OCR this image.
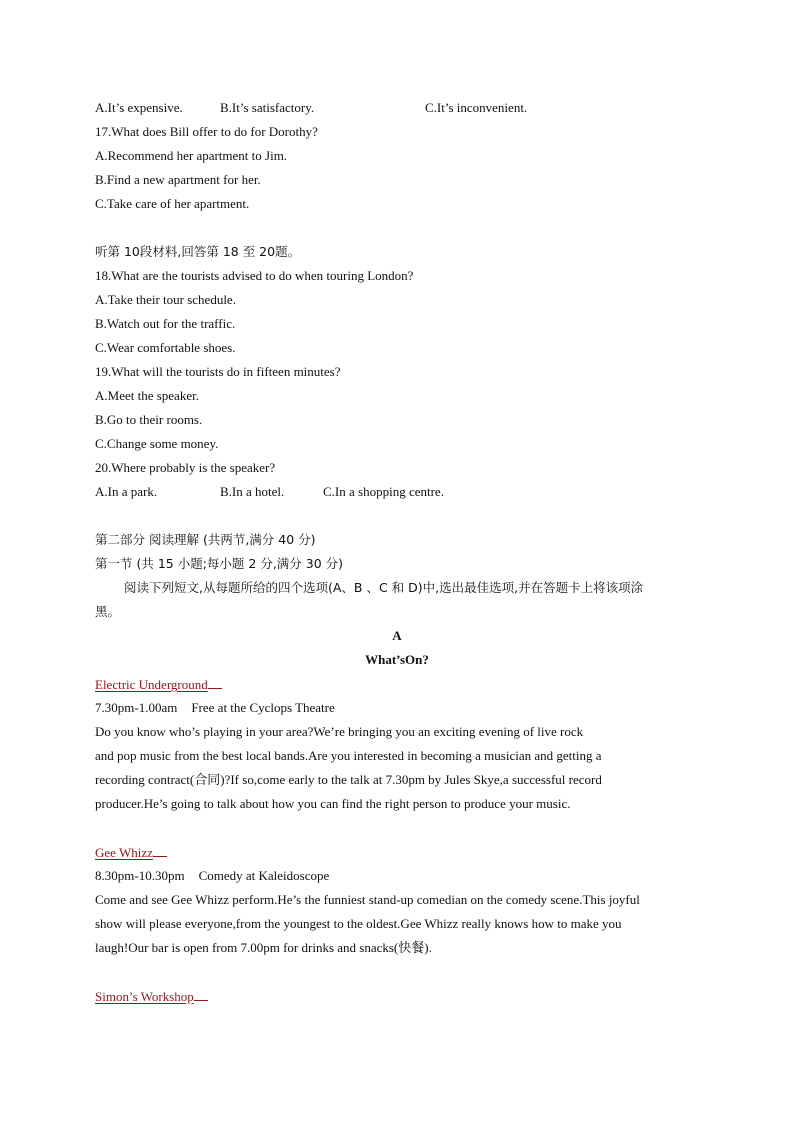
A.It’s expensive.	B.It’s satisfactory.	C.It’s inconvenient.
17.What does Bill offer to do for Dorothy?
A.Recommend her apartment to Jim.
B.Find a new apartment for her.
C.Take care of her apartment.
听第 10段材料,回答第 18 至 20题。
18.What are the tourists advised to do when touring London?
A.Take their tour schedule.
B.Watch out for the traffic.
C.Wear comfortable shoes.
19.What will the tourists do in fifteen minutes?
A.Meet the speaker.
B.Go to their rooms.
C.Change some money.
20.Where probably is the speaker?
A.In a park.	B.In a hotel.	C.In a shopping centre.
第二部分 阅读理解 (共两节,满分 40 分)
第一节 (共 15 小题;每小题 2 分,满分 30 分)
阅读下列短文,从每题所给的四个选项(A、B 、C 和 D)中,选出最佳选项,并在答题卡上将该项涂
黑。
A
What’sOn?
Electric Underground
7.30pm-1.00am Free at the Cyclops Theatre
Do you know who’s playing in your area?We’re bringing you an exciting evening of live rock
and pop music from the best local bands.Are you interested in becoming a musician and getting a
recording contract(合同)?If so,come early to the talk at 7.30pm by Jules Skye,a successful record
producer.He’s going to talk about how you can find the right person to produce your music.
Gee Whizz
8.30pm-10.30pm Comedy at Kaleidoscope
Come and see Gee Whizz perform.He’s the funniest stand-up comedian on the comedy scene.This joyful
show will please everyone,from the youngest to the oldest.Gee Whizz really knows how to make you
laugh!Our bar is open from 7.00pm for drinks and snacks(快餐).
Simon’s Workshop
